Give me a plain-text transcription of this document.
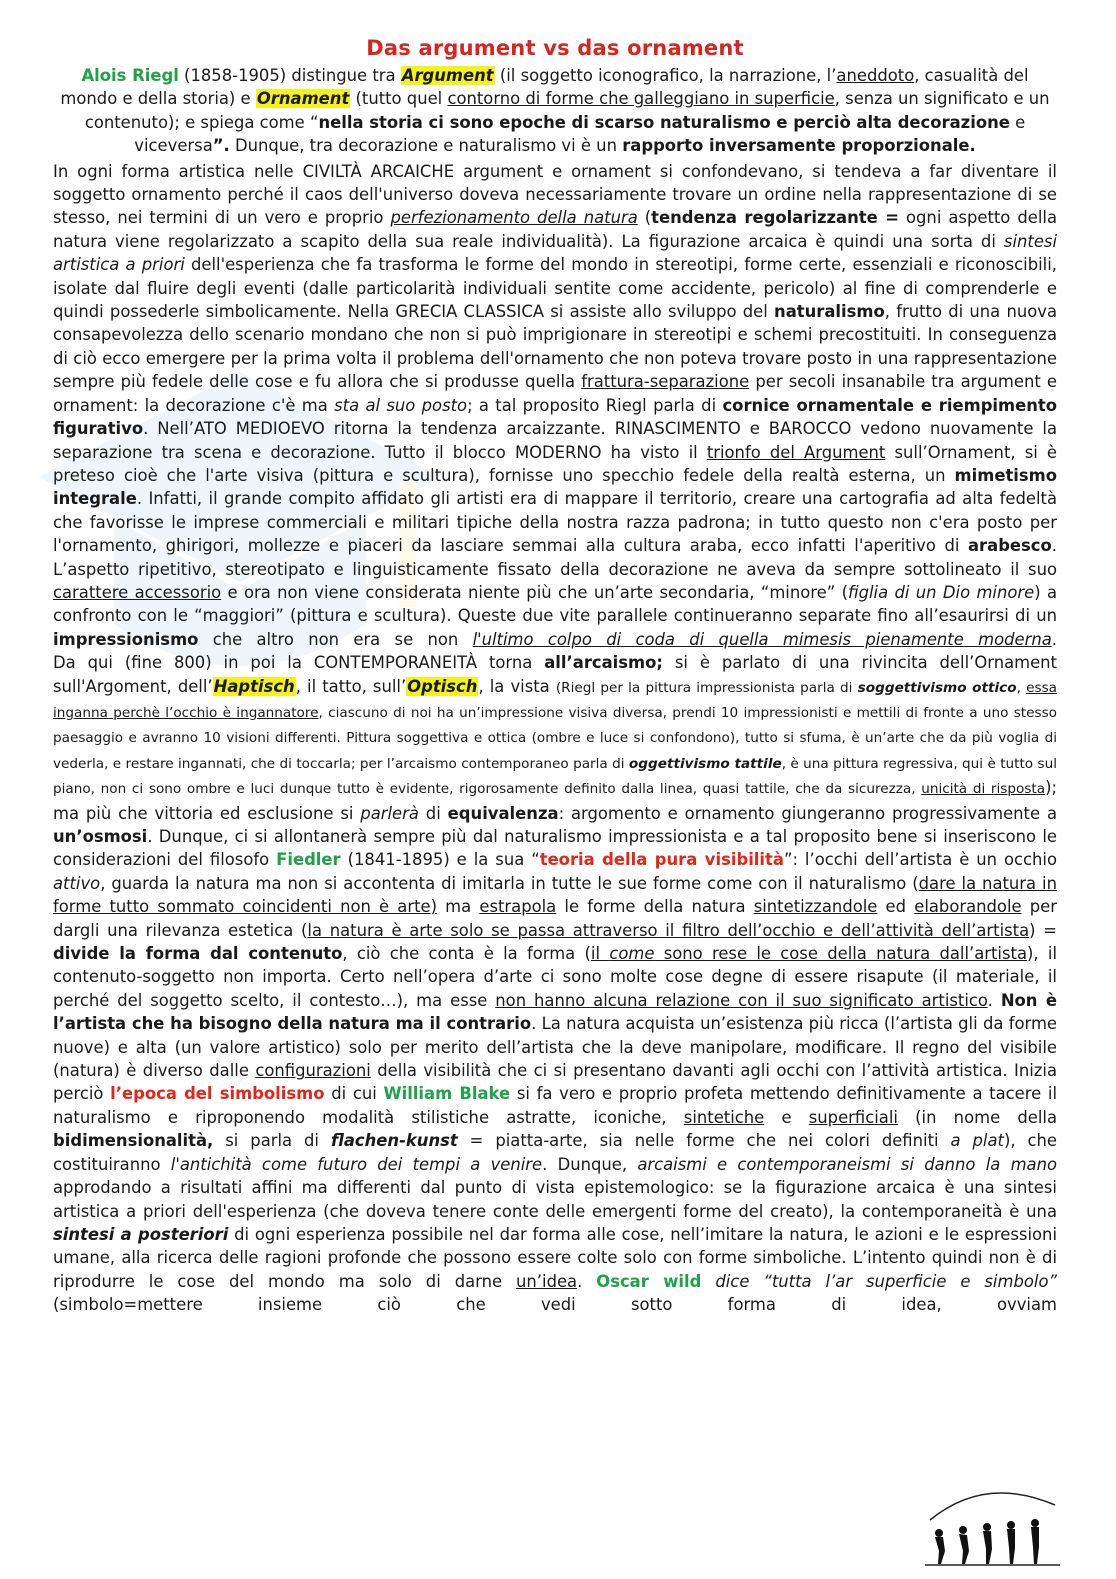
Das argument vs das ornament

Alois Riegl (1858-1905) distingue tra Argument (il soggetto iconografico, la narrazione, l’aneddoto, casualità del mondo e della storia) e Ornament (tutto quel contorno di forme che galleggiano in superficie, senza un significato e un contenuto); e spiega come “nella storia ci sono epoche di scarso naturalismo e perciò alta decorazione e viceversa”. Dunque, tra decorazione e naturalismo vi è un rapporto inversamente proporzionale.

In ogni forma artistica nelle CIVILTÀ ARCAICHE argument e ornament si confondevano, si tendeva a far diventare il soggetto ornamento perché il caos dell'universo doveva necessariamente trovare un ordine nella rappresentazione di se stesso, nei termini di un vero e proprio perfezionamento della natura (tendenza regolarizzante = ogni aspetto della natura viene regolarizzato a scapito della sua reale individualità). La figurazione arcaica è quindi una sorta di sintesi artistica a priori dell'esperienza che fa trasforma le forme del mondo in stereotipi, forme certe, essenziali e riconoscibili, isolate dal fluire degli eventi (dalle particolarità individuali sentite come accidente, pericolo) al fine di comprenderle e quindi possederle simbolicamente. Nella GRECIA CLASSICA si assiste allo sviluppo del naturalismo, frutto di una nuova consapevolezza dello scenario mondano che non si può imprigionare in stereotipi e schemi precostituiti. In conseguenza di ciò ecco emergere per la prima volta il problema dell'ornamento che non poteva trovare posto in una rappresentazione sempre più fedele delle cose e fu allora che si produsse quella frattura-separazione per secoli insanabile tra argument e ornament: la decorazione c'è ma sta al suo posto; a tal proposito Riegl parla di cornice ornamentale e riempimento figurativo. Nell’ATO MEDIOEVO ritorna la tendenza arcaizzante. RINASCIMENTO e BAROCCO vedono nuovamente la separazione tra scena e decorazione. Tutto il blocco MODERNO ha visto il trionfo del Argument sull’Ornament, si è preteso cioè che l'arte visiva (pittura e scultura), fornisse uno specchio fedele della realtà esterna, un mimetismo integrale. Infatti, il grande compito affidato gli artisti era di mappare il territorio, creare una cartografia ad alta fedeltà che favorisse le imprese commerciali e militari tipiche della nostra razza padrona; in tutto questo non c'era posto per l'ornamento, ghirigori, mollezze e piaceri da lasciare semmai alla cultura araba, ecco infatti l'aperitivo di arabesco. L’aspetto ripetitivo, stereotipato e linguisticamente fissato della decorazione ne aveva da sempre sottolineato il suo carattere accessorio e ora non viene considerata niente più che un’arte secondaria, “minore” (figlia di un Dio minore) a confronto con le “maggiori” (pittura e scultura). Queste due vite parallele continueranno separate fino all’esaurirsi di un impressionismo che altro non era se non l'ultimo colpo di coda di quella mimesis pienamente moderna.

Da qui (fine 800) in poi la CONTEMPORANEITÀ torna all’arcaismo; si è parlato di una rivincita dell’Ornament sull'Argoment, dell’Haptisch, il tatto, sull’Optisch, la vista (Riegl per la pittura impressionista parla di soggettivismo ottico, essa inganna perchè l’occhio è ingannatore, ciascuno di noi ha un’impressione visiva diversa, prendi 10 impressionisti e mettili di fronte a uno stesso paesaggio e avranno 10 visioni differenti. Pittura soggettiva e ottica (ombre e luce si confondono), tutto si sfuma, è un’arte che da più voglia di vederla, e restare ingannati, che di toccarla; per l’arcaismo contemporaneo parla di oggettivismo tattile, è una pittura regressiva, qui è tutto sul piano, non ci sono ombre e luci dunque tutto è evidente, rigorosamente definito dalla linea, quasi tattile, che da sicurezza, unicità di risposta); ma più che vittoria ed esclusione si parlerà di equivalenza: argomento e ornamento giungeranno progressivamente a un’osmosi. Dunque, ci si allontanerà sempre più dal naturalismo impressionista e a tal proposito bene si inseriscono le considerazioni del filosofo Fiedler (1841-1895) e la sua “teoria della pura visibilità”: l’occhi dell’artista è un occhio attivo, guarda la natura ma non si accontenta di imitarla in tutte le sue forme come con il naturalismo (dare la natura in forme tutto sommato coincidenti non è arte) ma estrapola le forme della natura sintetizzandole ed elaborandole per dargli una rilevanza estetica (la natura è arte solo se passa attraverso il filtro dell’occhio e dell’attività dell’artista) = divide la forma dal contenuto, ciò che conta è la forma (il come sono rese le cose della natura dall’artista), il contenuto-soggetto non importa. Certo nell’opera d’arte ci sono molte cose degne di essere risapute (il materiale, il perché del soggetto scelto, il contesto…), ma esse non hanno alcuna relazione con il suo significato artistico. Non è l’artista che ha bisogno della natura ma il contrario. La natura acquista un’esistenza più ricca (l’artista gli da forme nuove) e alta (un valore artistico) solo per merito dell’artista che la deve manipolare, modificare. Il regno del visibile (natura) è diverso dalle configurazioni della visibilità che ci si presentano davanti agli occhi con l’attività artistica. Inizia perciò l’epoca del simbolismo di cui William Blake si fa vero e proprio profeta mettendo definitivamente a tacere il naturalismo e riproponendo modalità stilistiche astratte, iconiche, sintetiche e superficiali (in nome della bidimensionalità, si parla di flachen-kunst = piatta-arte, sia nelle forme che nei colori definiti a plat), che costituiranno l'antichità come futuro dei tempi a venire. Dunque, arcaismi e contemporaneismi si danno la mano approdando a risultati affini ma differenti dal punto di vista epistemologico: se la figurazione arcaica è una sintesi artistica a priori dell'esperienza (che doveva tenere conte delle emergenti forme del creato), la contemporaneità è una sintesi a posteriori di ogni esperienza possibile nel dar forma alle cose, nell’imitare la natura, le azioni e le espressioni umane, alla ricerca delle ragioni profonde che possono essere colte solo con forme simboliche. L’intento quindi non è di riprodurre le cose del mondo ma solo di darne un’idea. Oscar wild dice “tutta l’ar superficie e simbolo” (simbolo=mettere insieme ciò che vedi sotto forma di idea, ovviam
